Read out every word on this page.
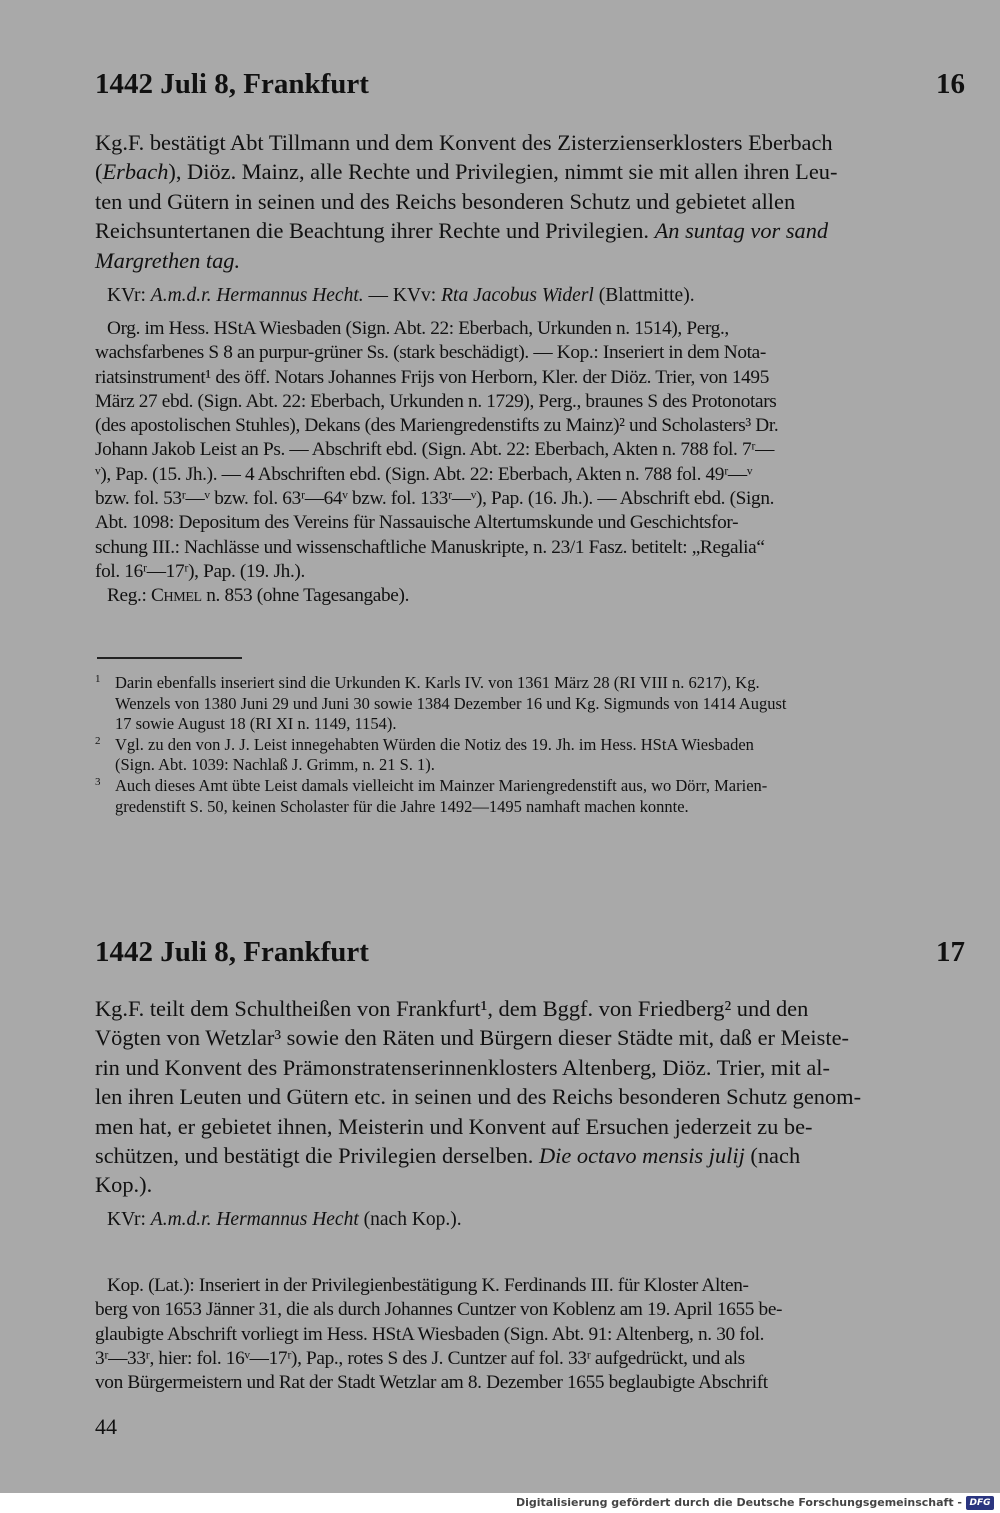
1442 Juli 8, Frankfurt	16
Kg.F. bestätigt Abt Tillmann und dem Konvent des Zisterzienserklosters Eberbach
(Erbach), Diöz. Mainz, alle Rechte und Privilegien, nimmt sie mit allen ihren Leu-
ten und Gütern in seinen und des Reichs besonderen Schutz und gebietet allen
Reichsuntertanen die Beachtung ihrer Rechte und Privilegien. An suntag vor sand
Margrethen tag.
KVr: A.m.d.r. Hermannus Hecht. — KVv: Rta Jacobus Widerl (Blattmitte).
Org. im Hess. HStA Wiesbaden (Sign. Abt. 22: Eberbach, Urkunden n. 1514), Perg.,
wachsfarbenes S 8 an purpur-grüner Ss. (stark beschädigt). — Kop.: Inseriert in dem Nota-
riatsinstrument¹ des öff. Notars Johannes Frijs von Herborn, Kler. der Diöz. Trier, von 1495
März 27 ebd. (Sign. Abt. 22: Eberbach, Urkunden n. 1729), Perg., braunes S des Protonotars
(des apostolischen Stuhles), Dekans (des Mariengredenstifts zu Mainz)² und Scholasters³ Dr.
Johann Jakob Leist an Ps. — Abschrift ebd. (Sign. Abt. 22: Eberbach, Akten n. 788 fol. 7ʳ—
ᵛ), Pap. (15. Jh.). — 4 Abschriften ebd. (Sign. Abt. 22: Eberbach, Akten n. 788 fol. 49ʳ—ᵛ
bzw. fol. 53ʳ—ᵛ bzw. fol. 63ʳ—64ᵛ bzw. fol. 133ʳ—ᵛ), Pap. (16. Jh.). — Abschrift ebd. (Sign.
Abt. 1098: Depositum des Vereins für Nassauische Altertumskunde und Geschichtsfor-
schung III.: Nachlässe und wissenschaftliche Manuskripte, n. 23/1 Fasz. betitelt: „Regalia“
fol. 16ʳ—17ʳ), Pap. (19. Jh.).
Reg.: Chmel n. 853 (ohne Tagesangabe).
1 Darin ebenfalls inseriert sind die Urkunden K. Karls IV. von 1361 März 28 (RI VIII n. 6217), Kg.
Wenzels von 1380 Juni 29 und Juni 30 sowie 1384 Dezember 16 und Kg. Sigmunds von 1414 August
17 sowie August 18 (RI XI n. 1149, 1154).
2 Vgl. zu den von J. J. Leist innegehabten Würden die Notiz des 19. Jh. im Hess. HStA Wiesbaden
(Sign. Abt. 1039: Nachlaß J. Grimm, n. 21 S. 1).
3 Auch dieses Amt übte Leist damals vielleicht im Mainzer Mariengredenstift aus, wo Dörr, Marien-
gredenstift S. 50, keinen Scholaster für die Jahre 1492—1495 namhaft machen konnte.
1442 Juli 8, Frankfurt	17
Kg.F. teilt dem Schultheißen von Frankfurt¹, dem Bggf. von Friedberg² und den
Vögten von Wetzlar³ sowie den Räten und Bürgern dieser Städte mit, daß er Meiste-
rin und Konvent des Prämonstratenserinnenklosters Altenberg, Diöz. Trier, mit al-
len ihren Leuten und Gütern etc. in seinen und des Reichs besonderen Schutz genom-
men hat, er gebietet ihnen, Meisterin und Konvent auf Ersuchen jederzeit zu be-
schützen, und bestätigt die Privilegien derselben. Die octavo mensis julij (nach
Kop.).
KVr: A.m.d.r. Hermannus Hecht (nach Kop.).
Kop. (Lat.): Inseriert in der Privilegienbestätigung K. Ferdinands III. für Kloster Alten-
berg von 1653 Jänner 31, die als durch Johannes Cuntzer von Koblenz am 19. April 1655 be-
glaubigte Abschrift vorliegt im Hess. HStA Wiesbaden (Sign. Abt. 91: Altenberg, n. 30 fol.
3ʳ—33ʳ, hier: fol. 16ᵛ—17ʳ), Pap., rotes S des J. Cuntzer auf fol. 33ʳ aufgedrückt, und als
von Bürgermeistern und Rat der Stadt Wetzlar am 8. Dezember 1655 beglaubigte Abschrift
44
Digitalisierung gefördert durch die Deutsche Forschungsgemeinschaft - DFG
